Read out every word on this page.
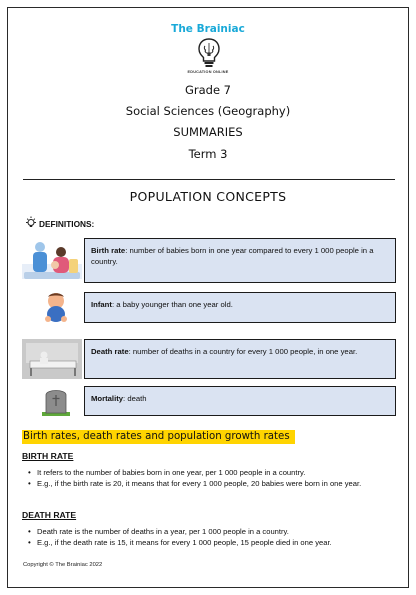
The Brainiac
EDUCATION ONLINE
Grade 7
Social Sciences (Geography)
SUMMARIES
Term 3
POPULATION CONCEPTS
DEFINITIONS:
Birth rate: number of babies born in one year compared to every 1 000 people in a country.
Infant: a baby younger than one year old.
Death rate: number of deaths in a country for every 1 000 people, in one year.
Mortality: death
Birth rates, death rates and population growth rates
BIRTH RATE
• It refers to the number of babies born in one year, per 1 000 people in a country.
• E.g., if the birth rate is 20, it means that for every 1 000 people, 20 babies were born in one year.
DEATH RATE
• Death rate is the number of deaths in a year, per 1 000 people in a country.
• E.g., if the death rate is 15, it means for every 1 000 people, 15 people died in one year.
Copyright © The Brainiac 2022
